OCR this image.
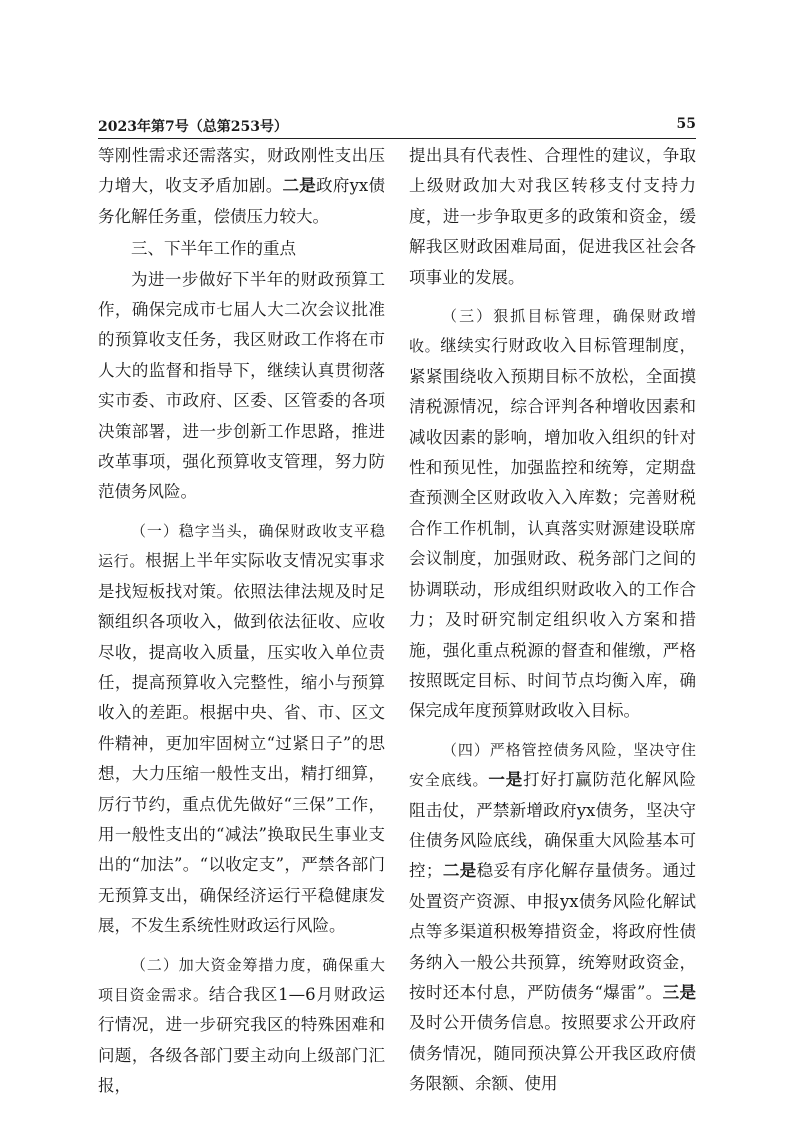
2023年第7号（总第253号）	55

等刚性需求还需落实，财政刚性支出压力增大，收支矛盾加剧。二是政府yx债务化解任务重，偿债压力较大。

三、下半年工作的重点

为进一步做好下半年的财政预算工作，确保完成市七届人大二次会议批准的预算收支任务，我区财政工作将在市人大的监督和指导下，继续认真贯彻落实市委、市政府、区委、区管委的各项决策部署，进一步创新工作思路，推进改革事项，强化预算收支管理，努力防范债务风险。

（一）稳字当头，确保财政收支平稳运行。根据上半年实际收支情况实事求是找短板找对策。依照法律法规及时足额组织各项收入，做到依法征收、应收尽收，提高收入质量，压实收入单位责任，提高预算收入完整性，缩小与预算收入的差距。根据中央、省、市、区文件精神，更加牢固树立“过紧日子”的思想，大力压缩一般性支出，精打细算，厉行节约，重点优先做好“三保”工作，用一般性支出的“减法”换取民生事业支出的“加法”。“以收定支”，严禁各部门无预算支出，确保经济运行平稳健康发展，不发生系统性财政运行风险。

（二）加大资金筹措力度，确保重大项目资金需求。结合我区1—6月财政运行情况，进一步研究我区的特殊困难和问题，各级各部门要主动向上级部门汇报，

提出具有代表性、合理性的建议，争取上级财政加大对我区转移支付支持力度，进一步争取更多的政策和资金，缓解我区财政困难局面，促进我区社会各项事业的发展。

（三）狠抓目标管理，确保财政增收。继续实行财政收入目标管理制度，紧紧围绕收入预期目标不放松，全面摸清税源情况，综合评判各种增收因素和减收因素的影响，增加收入组织的针对性和预见性，加强监控和统筹，定期盘查预测全区财政收入入库数；完善财税合作工作机制，认真落实财源建设联席会议制度，加强财政、税务部门之间的协调联动，形成组织财政收入的工作合力；及时研究制定组织收入方案和措施，强化重点税源的督查和催缴，严格按照既定目标、时间节点均衡入库，确保完成年度预算财政收入目标。

（四）严格管控债务风险，坚决守住安全底线。一是打好打赢防范化解风险阻击仗，严禁新增政府yx债务，坚决守住债务风险底线，确保重大风险基本可控；二是稳妥有序化解存量债务。通过处置资产资源、申报yx债务风险化解试点等多渠道积极筹措资金，将政府性债务纳入一般公共预算，统筹财政资金，按时还本付息，严防债务“爆雷”。三是及时公开债务信息。按照要求公开政府债务情况，随同预决算公开我区政府债务限额、余额、使用
